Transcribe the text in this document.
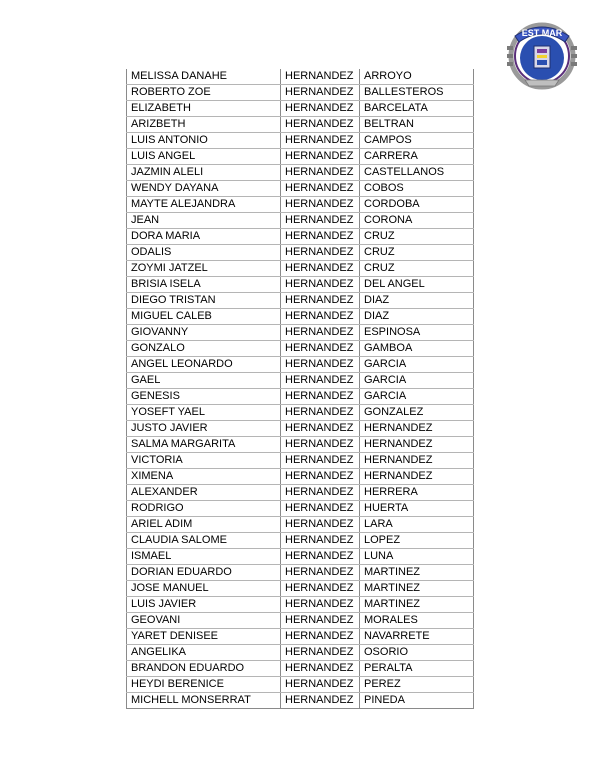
EST MAR
MELISSA DANAHE	HERNANDEZ	ARROYO
ROBERTO ZOE	HERNANDEZ	BALLESTEROS
ELIZABETH	HERNANDEZ	BARCELATA
ARIZBETH	HERNANDEZ	BELTRAN
LUIS ANTONIO	HERNANDEZ	CAMPOS
LUIS ANGEL	HERNANDEZ	CARRERA
JAZMIN ALELI	HERNANDEZ	CASTELLANOS
WENDY DAYANA	HERNANDEZ	COBOS
MAYTE ALEJANDRA	HERNANDEZ	CORDOBA
JEAN	HERNANDEZ	CORONA
DORA MARIA	HERNANDEZ	CRUZ
ODALIS	HERNANDEZ	CRUZ
ZOYMI JATZEL	HERNANDEZ	CRUZ
BRISIA ISELA	HERNANDEZ	DEL ANGEL
DIEGO TRISTAN	HERNANDEZ	DIAZ
MIGUEL CALEB	HERNANDEZ	DIAZ
GIOVANNY	HERNANDEZ	ESPINOSA
GONZALO	HERNANDEZ	GAMBOA
ANGEL LEONARDO	HERNANDEZ	GARCIA
GAEL	HERNANDEZ	GARCIA
GENESIS	HERNANDEZ	GARCIA
YOSEFT YAEL	HERNANDEZ	GONZALEZ
JUSTO JAVIER	HERNANDEZ	HERNANDEZ
SALMA MARGARITA	HERNANDEZ	HERNANDEZ
VICTORIA	HERNANDEZ	HERNANDEZ
XIMENA	HERNANDEZ	HERNANDEZ
ALEXANDER	HERNANDEZ	HERRERA
RODRIGO	HERNANDEZ	HUERTA
ARIEL ADIM	HERNANDEZ	LARA
CLAUDIA SALOME	HERNANDEZ	LOPEZ
ISMAEL	HERNANDEZ	LUNA
DORIAN EDUARDO	HERNANDEZ	MARTINEZ
JOSE MANUEL	HERNANDEZ	MARTINEZ
LUIS JAVIER	HERNANDEZ	MARTINEZ
GEOVANI	HERNANDEZ	MORALES
YARET DENISEE	HERNANDEZ	NAVARRETE
ANGELIKA	HERNANDEZ	OSORIO
BRANDON EDUARDO	HERNANDEZ	PERALTA
HEYDI BERENICE	HERNANDEZ	PEREZ
MICHELL MONSERRAT	HERNANDEZ	PINEDA
